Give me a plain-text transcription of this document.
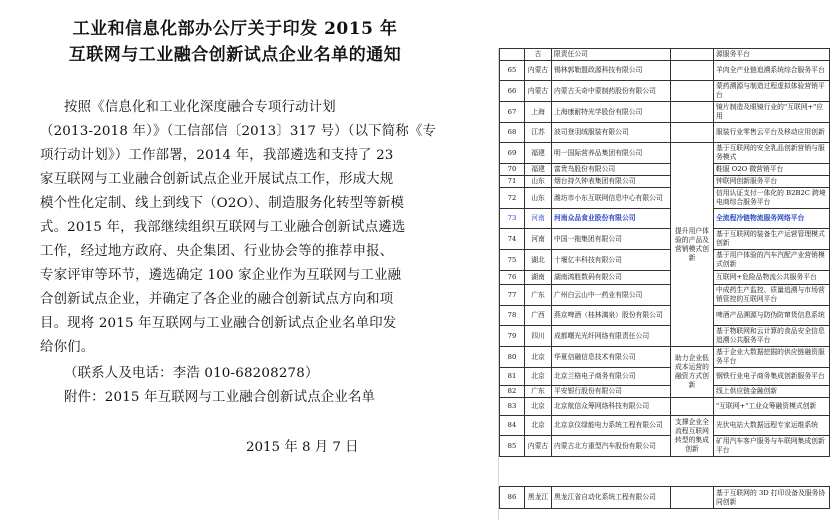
工业和信息化部办公厅关于印发 2015 年
互联网与工业融合创新试点企业名单的通知
按照《信息化和工业化深度融合专项行动计划
（2013-2018 年）》（工信部信〔2013〕317 号）（以下简称《专
项行动计划》）工作部署，2014 年，我部遴选和支持了 23
家互联网与工业融合创新试点企业开展试点工作，形成大规
模个性化定制、线上到线下（O2O）、制造服务化转型等新模
式。2015 年，我部继续组织互联网与工业融合创新试点遴选
工作，经过地方政府、央企集团、行业协会等的推荐申报、
专家评审等环节，遴选确定 100 家企业作为互联网与工业融
合创新试点企业，并确定了各企业的融合创新试点方向和项
目。现将 2015 年互联网与工业融合创新试点企业名单印发
给你们。
（联系人及电话：李浩 010-68208278）
附件：2015 年互联网与工业融合创新试点企业名单
2015 年 8 月 7 日
	古	限责任公司		源服务平台
65	内蒙古	锡林郭勒盟政源科技有限公司		羊肉全产业链追溯系统综合服务平台
66	内蒙古	内蒙古天奇中蒙制药股份有限公司		蒙药溯源与制造过程虚拟体验营销平台
67	上海	上海康耐特光学股份有限公司		镜片制造及眼镜行业的"互联网+"应用
68	江苏	波司登羽绒服装有限公司		服装行业零售云平台及移动应用创新
69	福建	明一国际营养品集团有限公司	提升用户体验的产品及营销模式创新	基于互联网的安全乳品创新营销与服务模式
70	福建	富贵鸟股份有限公司		鞋服 O2O 微营销平台
71	山东	烟台持久钟表集团有限公司		钟联网创新服务平台
72	山东	潍坊市小东互联网信息中心有限公司		信用认证支付一体化的 B2B2C 跨境电商综合服务平台
73	河南	河南众品食业股份有限公司		全流程冷链物流服务网络平台
74	河南	中国一拖集团有限公司		基于互联网的装备生产运营管理模式创新
75	湖北	十堰亿丰科技有限公司		基于用户体验的汽车汽配产业营销模式创新
76	湖南	湖南鸿胜数码有限公司		互联网+危险品物流公共服务平台
77	广东	广州白云山中一药业有限公司		中成药生产监控、质量追溯与市场营销管控的互联网平台
78	广西	燕京啤酒（桂林漓泉）股份有限公司		啤酒产品溯源与防伪防窜货信息系统
79	四川	成都曙光光纤网络有限责任公司		基于物联网和云计算的食品安全信息追溯公共服务平台
80	北京	华夏信融信息技术有限公司	助力企业低成本运营的融资方式创新	基于企业大数据挖掘的供应链融资服务平台
81	北京	北京兰格电子商务有限公司		钢铁行业电子商务集成创新服务平台
82	广东	平安银行股份有限公司		线上供应链金融创新
83	北京	北京航信众筹网络科技有限公司		"互联网+"工业众筹融资模式创新
84	北京	北京京仪绿能电力系统工程有限公司	支撑企业全流程互联网转型的集成创新	光伏电站大数据远程专家运维系统
85	内蒙古	内蒙古北方重型汽车股份有限公司		矿用汽车客户服务与车联网集成创新平台
86	黑龙江	黑龙江省自动化系统工程有限公司		基于互联网的 3D 打印设备及服务协同创新
